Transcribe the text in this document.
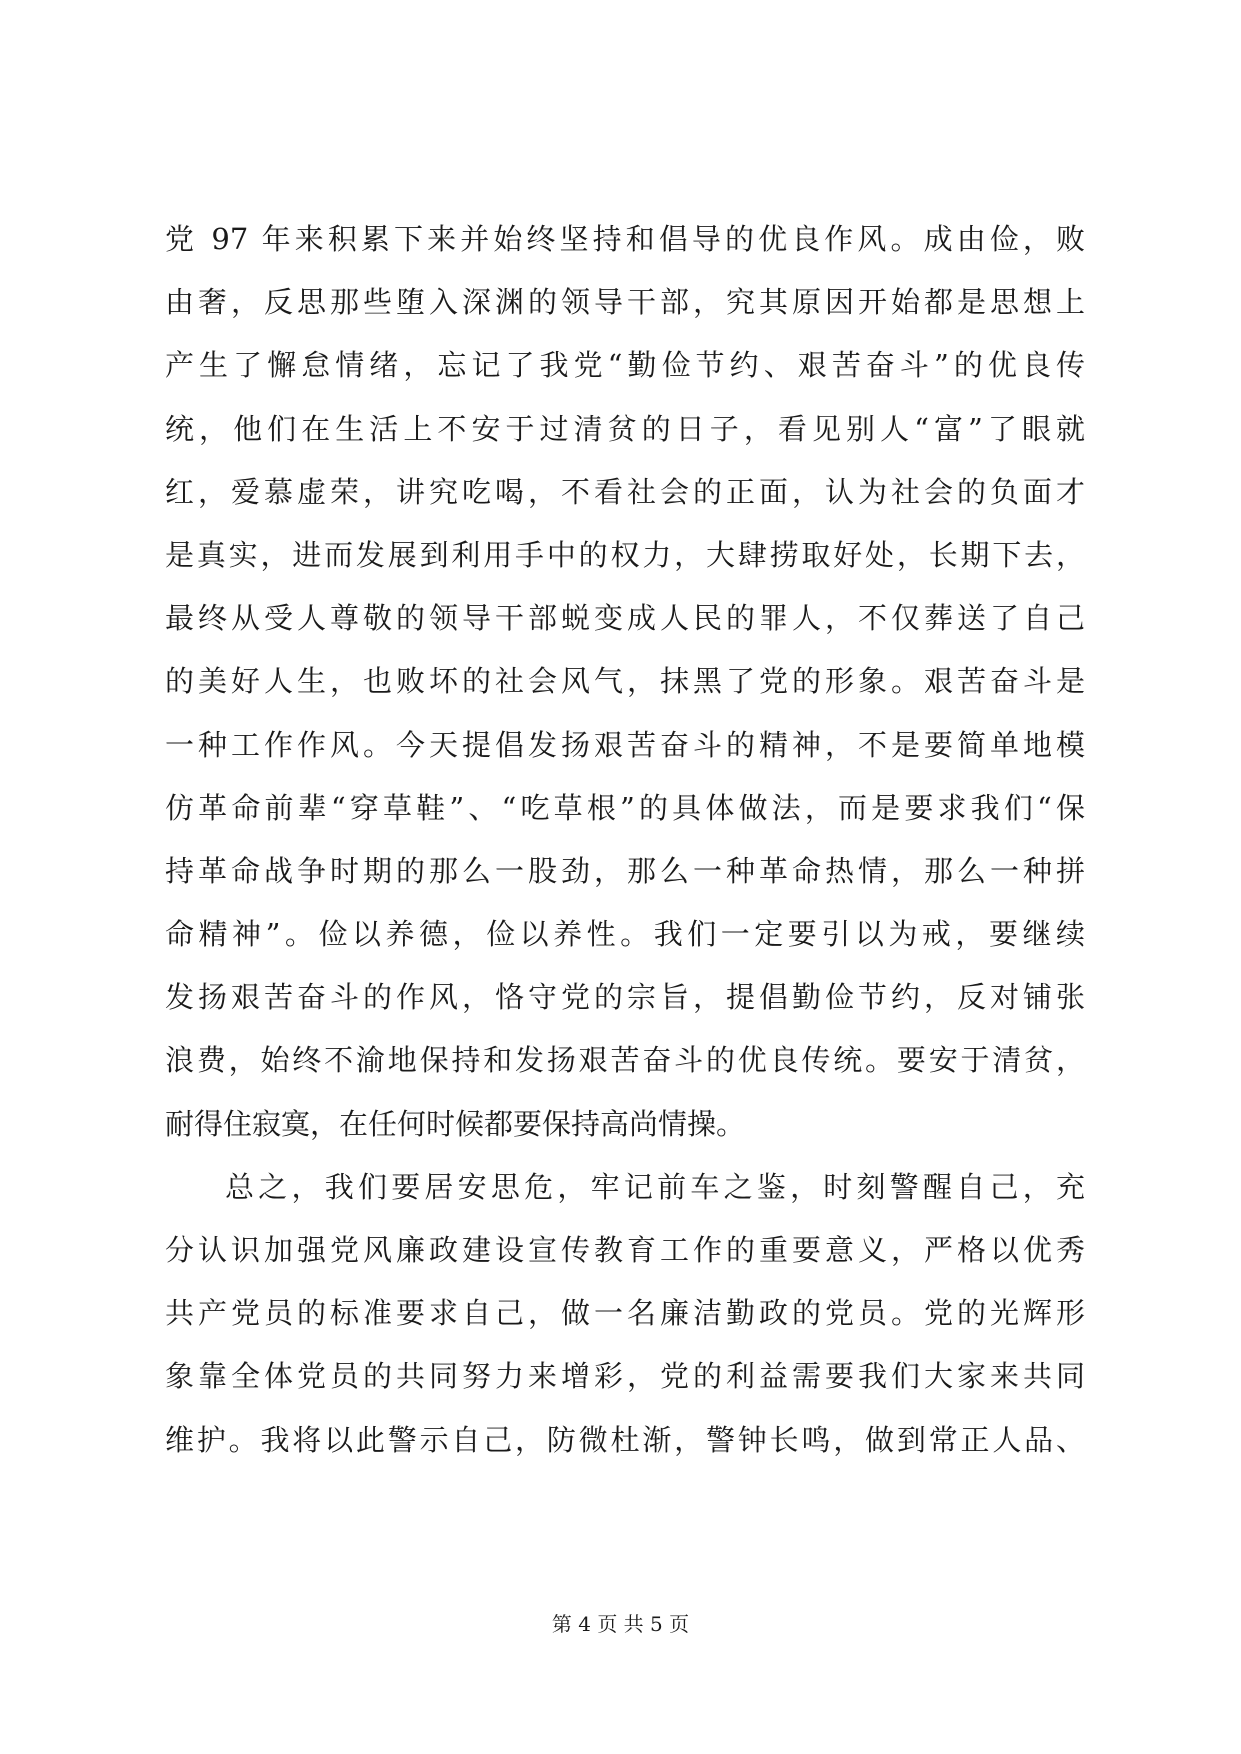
党 97 年来积累下来并始终坚持和倡导的优良作风。成由俭，败
由奢，反思那些堕入深渊的领导干部，究其原因开始都是思想上
产生了懈怠情绪，忘记了我党“勤俭节约、艰苦奋斗”的优良传
统，他们在生活上不安于过清贫的日子，看见别人“富”了眼就
红，爱慕虚荣，讲究吃喝，不看社会的正面，认为社会的负面才
是真实，进而发展到利用手中的权力，大肆捞取好处，长期下去，
最终从受人尊敬的领导干部蜕变成人民的罪人，不仅葬送了自己
的美好人生，也败坏的社会风气，抹黑了党的形象。艰苦奋斗是
一种工作作风。今天提倡发扬艰苦奋斗的精神，不是要简单地模
仿革命前辈“穿草鞋”、“吃草根”的具体做法，而是要求我们“保
持革命战争时期的那么一股劲，那么一种革命热情，那么一种拼
命精神”。俭以养德，俭以养性。我们一定要引以为戒，要继续
发扬艰苦奋斗的作风，恪守党的宗旨，提倡勤俭节约，反对铺张
浪费，始终不渝地保持和发扬艰苦奋斗的优良传统。要安于清贫，
耐得住寂寞，在任何时候都要保持高尚情操。
总之，我们要居安思危，牢记前车之鉴，时刻警醒自己，充
分认识加强党风廉政建设宣传教育工作的重要意义，严格以优秀
共产党员的标准要求自己，做一名廉洁勤政的党员。党的光辉形
象靠全体党员的共同努力来增彩，党的利益需要我们大家来共同
维护。我将以此警示自己，防微杜渐，警钟长鸣，做到常正人品、
第 4 页 共 5 页
